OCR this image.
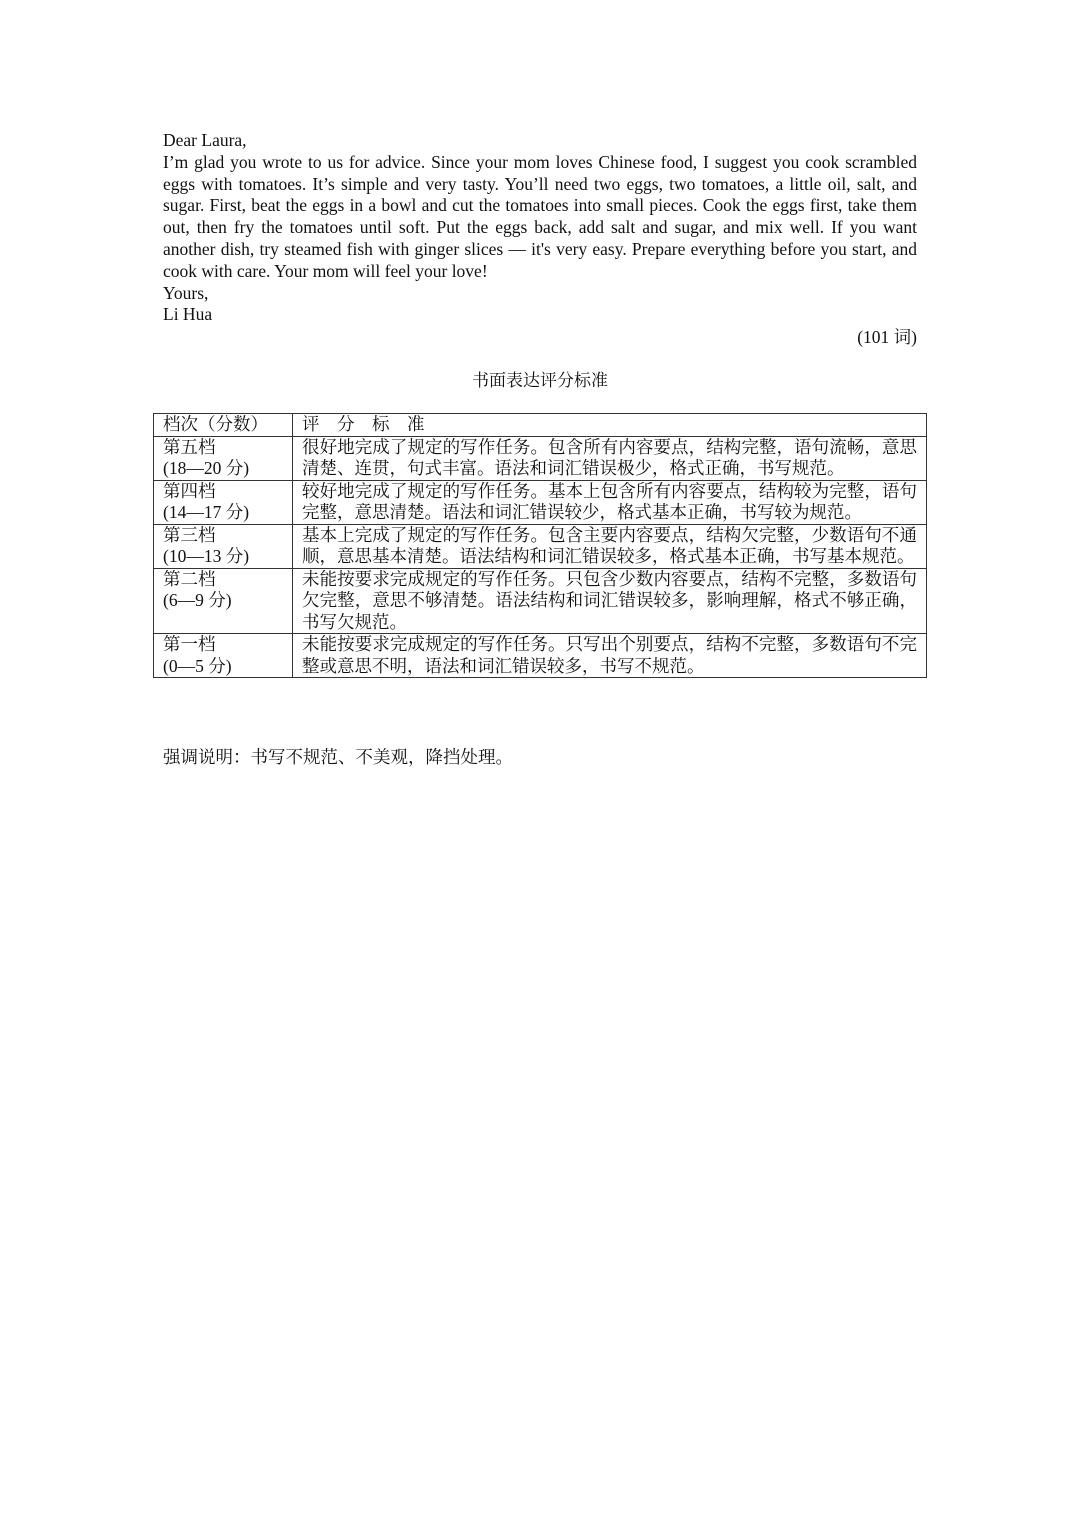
Dear Laura,

I’m glad you wrote to us for advice. Since your mom loves Chinese food, I suggest you cook scrambled eggs with tomatoes. It’s simple and very tasty. You’ll need two eggs, two tomatoes, a little oil, salt, and sugar. First, beat the eggs in a bowl and cut the tomatoes into small pieces. Cook the eggs first, take them out, then fry the tomatoes until soft. Put the eggs back, add salt and sugar, and mix well. If you want another dish, try steamed fish with ginger slices — it's very easy. Prepare everything before you start, and cook with care. Your mom will feel your love!

Yours,

Li Hua

(101 词)
书面表达评分标准
档次（分数）	评　分　标　准

第五档
(18—20 分)	很好地完成了规定的写作任务。包含所有内容要点，结构完整，语句流畅，意思清楚、连贯，句式丰富。语法和词汇错误极少，格式正确，书写规范。

第四档
(14—17 分)	较好地完成了规定的写作任务。基本上包含所有内容要点，结构较为完整，语句完整，意思清楚。语法和词汇错误较少，格式基本正确，书写较为规范。

第三档
(10—13 分)	基本上完成了规定的写作任务。包含主要内容要点，结构欠完整，少数语句不通顺，意思基本清楚。语法结构和词汇错误较多，格式基本正确，书写基本规范。

第二档
(6—9 分)	未能按要求完成规定的写作任务。只包含少数内容要点，结构不完整，多数语句欠完整，意思不够清楚。语法结构和词汇错误较多，影响理解，格式不够正确，书写欠规范。

第一档
(0—5 分)	未能按要求完成规定的写作任务。只写出个别要点，结构不完整，多数语句不完整或意思不明，语法和词汇错误较多，书写不规范。
强调说明：书写不规范、不美观，降挡处理。
